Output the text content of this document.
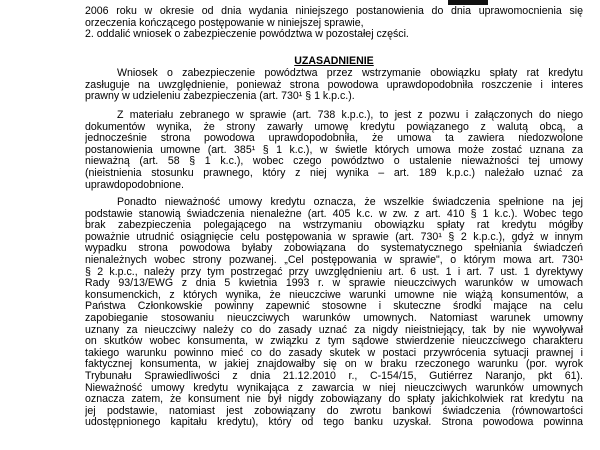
2006 roku w okresie od dnia wydania niniejszego postanowienia do dnia uprawomocnienia się
orzeczenia kończącego postępowanie w niniejszej sprawie,
2. oddalić wniosek o zabezpieczenie powództwa w pozostałej części.
UZASADNIENIE
Wniosek o zabezpieczenie powództwa przez wstrzymanie obowiązku spłaty rat kredytu
zasługuje na uwzględnienie, ponieważ strona powodowa uprawdopodobniła roszczenie i interes
prawny w udzieleniu zabezpieczenia (art. 730¹ § 1 k.p.c.).
Z materiału zebranego w sprawie (art. 738 k.p.c.), to jest z pozwu i załączonych do niego
dokumentów wynika, że strony zawarły umowę kredytu powiązanego z walutą obcą, a
jednocześnie strona powodowa uprawdopodobniła, że umowa ta zawiera niedozwolone
postanowienia umowne (art. 385¹ § 1 k.c.), w świetle których umowa może zostać uznana za
nieważną (art. 58 § 1 k.c.), wobec czego powództwo o ustalenie nieważności tej umowy
(nieistnienia stosunku prawnego, który z niej wynika – art. 189 k.p.c.) należało uznać za
uprawdopodobnione.
Ponadto nieważność umowy kredytu oznacza, że wszelkie świadczenia spełnione na jej
podstawie stanowią świadczenia nienależne (art. 405 k.c. w zw. z art. 410 § 1 k.c.). Wobec tego
brak zabezpieczenia polegającego na wstrzymaniu obowiązku spłaty rat kredytu mógłby
poważnie utrudnić osiągnięcie celu postępowania w sprawie (art. 730¹ § 2 k.p.c.), gdyż w innym
wypadku strona powodowa byłaby zobowiązana do systematycznego spełniania świadczeń
nienależnych wobec strony pozwanej. „Cel postępowania w sprawie", o którym mowa art. 730¹
§ 2 k.p.c., należy przy tym postrzegać przy uwzględnieniu art. 6 ust. 1 i art. 7 ust. 1 dyrektywy
Rady 93/13/EWG z dnia 5 kwietnia 1993 r. w sprawie nieuczciwych warunków w umowach
konsumenckich, z których wynika, że nieuczciwe warunki umowne nie wiążą konsumentów, a
Państwa Członkowskie powinny zapewnić stosowne i skuteczne środki mające na celu
zapobieganie stosowaniu nieuczciwych warunków umownych. Natomiast warunek umowny
uznany za nieuczciwy należy co do zasady uznać za nigdy nieistniejący, tak by nie wywoływał
on skutków wobec konsumenta, w związku z tym sądowe stwierdzenie nieuczciwego charakteru
takiego warunku powinno mieć co do zasady skutek w postaci przywrócenia sytuacji prawnej i
faktycznej konsumenta, w jakiej znajdowałby się on w braku rzeczonego warunku (por. wyrok
Trybunału Sprawiedliwości z dnia 21.12.2010 r., C-154/15, Gutiérrez Naranjo, pkt 61).
Nieważność umowy kredytu wynikająca z zawarcia w niej nieuczciwych warunków umownych
oznacza zatem, że konsument nie był nigdy zobowiązany do spłaty jakichkolwiek rat kredytu na
jej podstawie, natomiast jest zobowiązany do zwrotu bankowi świadczenia (równowartości
udostępnionego kapitału kredytu), który od tego banku uzyskał. Strona powodowa powinna
